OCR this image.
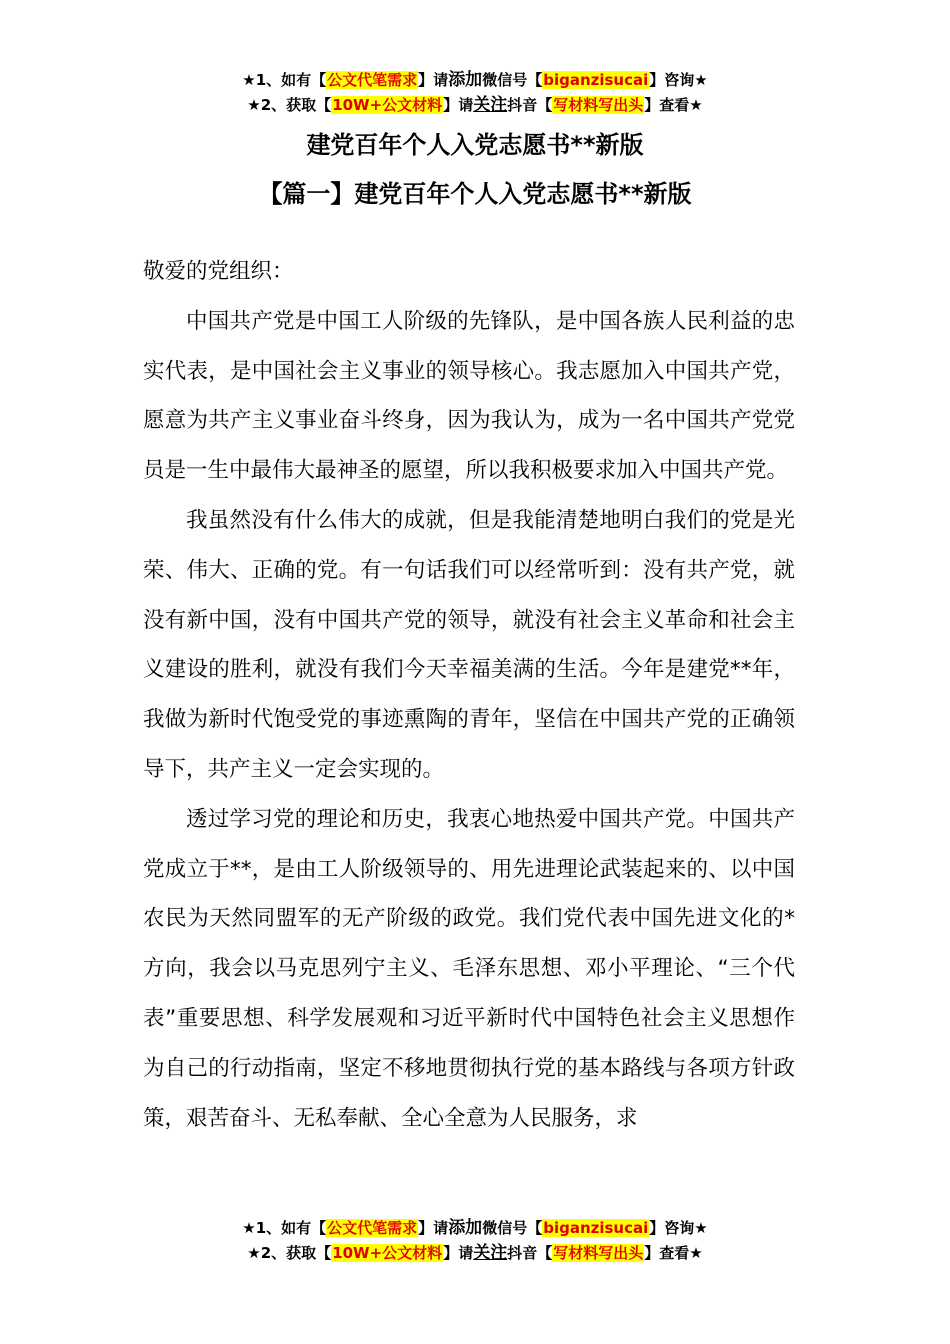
★1、如有【公文代笔需求】请添加微信号【biganzisucai】咨询★
★2、获取【10W+公文材料】请关注抖音【写材料写出头】查看★
建党百年个人入党志愿书**新版
【篇一】建党百年个人入党志愿书**新版

敬爱的党组织：

中国共产党是中国工人阶级的先锋队，是中国各族人民利益的忠实代表，是中国社会主义事业的领导核心。我志愿加入中国共产党，愿意为共产主义事业奋斗终身，因为我认为，成为一名中国共产党党员是一生中最伟大最神圣的愿望，所以我积极要求加入中国共产党。

我虽然没有什么伟大的成就，但是我能清楚地明白我们的党是光荣、伟大、正确的党。有一句话我们可以经常听到：没有共产党，就没有新中国，没有中国共产党的领导，就没有社会主义革命和社会主义建设的胜利，就没有我们今天幸福美满的生活。今年是建党**年，我做为新时代饱受党的事迹熏陶的青年，坚信在中国共产党的正确领导下，共产主义一定会实现的。

透过学习党的理论和历史，我衷心地热爱中国共产党。中国共产党成立于**，是由工人阶级领导的、用先进理论武装起来的、以中国农民为天然同盟军的无产阶级的政党。我们党代表中国先进文化的*方向，我会以马克思列宁主义、毛泽东思想、邓小平理论、“三个代表”重要思想、科学发展观和习近平新时代中国特色社会主义思想作为自己的行动指南，坚定不移地贯彻执行党的基本路线与各项方针政策，艰苦奋斗、无私奉献、全心全意为人民服务，求

★1、如有【公文代笔需求】请添加微信号【biganzisucai】咨询★
★2、获取【10W+公文材料】请关注抖音【写材料写出头】查看★
